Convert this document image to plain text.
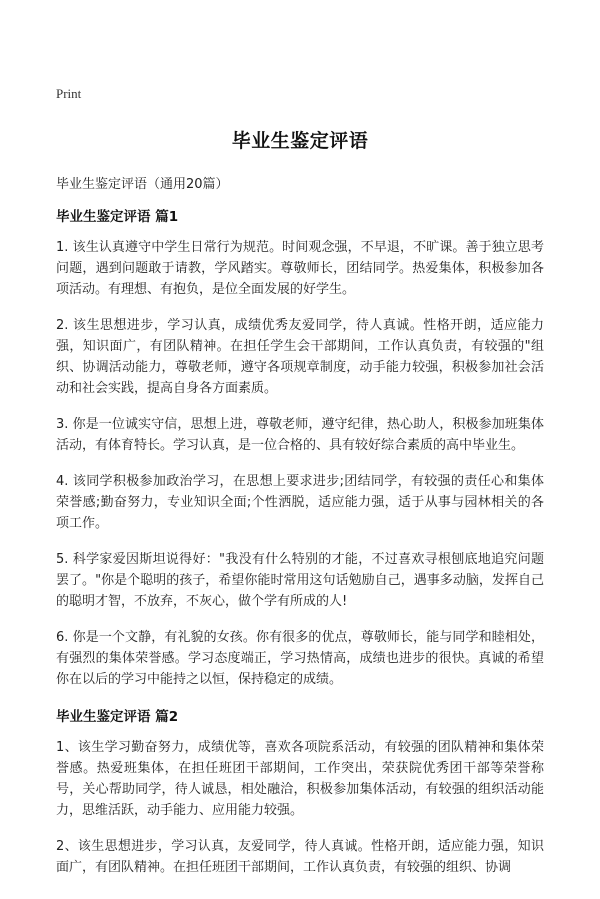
Print
毕业生鉴定评语
毕业生鉴定评语（通用20篇）
毕业生鉴定评语 篇1

1. 该生认真遵守中学生日常行为规范。时间观念强，不早退，不旷课。善于独立思考问题，遇到问题敢于请教，学风踏实。尊敬师长，团结同学。热爱集体，积极参加各项活动。有理想、有抱负，是位全面发展的好学生。

2. 该生思想进步，学习认真，成绩优秀友爱同学，待人真诚。性格开朗，适应能力强，知识面广，有团队精神。在担任学生会干部期间，工作认真负责，有较强的"组织、协调活动能力，尊敬老师，遵守各项规章制度，动手能力较强，积极参加社会活动和社会实践，提高自身各方面素质。

3. 你是一位诚实守信，思想上进，尊敬老师，遵守纪律，热心助人，积极参加班集体活动，有体育特长。学习认真，是一位合格的、具有较好综合素质的高中毕业生。

4. 该同学积极参加政治学习，在思想上要求进步;团结同学，有较强的责任心和集体荣誉感;勤奋努力，专业知识全面;个性洒脱，适应能力强，适于从事与园林相关的各项工作。

5. 科学家爱因斯坦说得好："我没有什么特别的才能，不过喜欢寻根刨底地追究问题罢了。"你是个聪明的孩子，希望你能时常用这句话勉励自己，遇事多动脑，发挥自己的聪明才智，不放弃，不灰心，做个学有所成的人!

6. 你是一个文静，有礼貌的女孩。你有很多的优点，尊敬师长，能与同学和睦相处，有强烈的集体荣誉感。学习态度端正，学习热情高，成绩也进步的很快。真诚的希望你在以后的学习中能持之以恒，保持稳定的成绩。

毕业生鉴定评语 篇2

1、该生学习勤奋努力，成绩优等，喜欢各项院系活动，有较强的团队精神和集体荣誉感。热爱班集体，在担任班团干部期间，工作突出，荣获院优秀团干部等荣誉称号，关心帮助同学，待人诚恳，相处融洽，积极参加集体活动，有较强的组织活动能力，思维活跃，动手能力、应用能力较强。

2、该生思想进步，学习认真，友爱同学，待人真诚。性格开朗，适应能力强，知识面广，有团队精神。在担任班团干部期间，工作认真负责，有较强的组织、协调
